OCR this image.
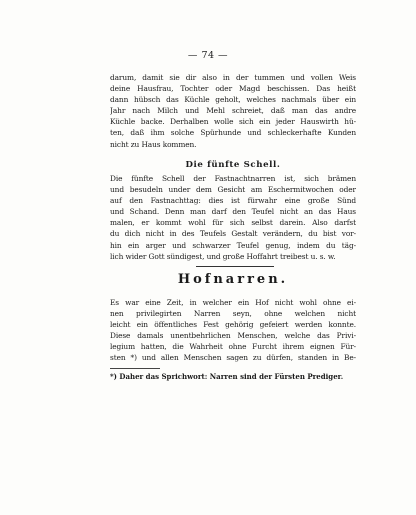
— 74 —
darum, damit sie dir also in der tummen und vollen Weis
deine Hausfrau, Tochter oder Magd beschissen. Das heißt
dann hübsch das Küchle geholt, welches nachmals über ein
Jahr nach Milch und Mehl schreiet, daß man das andre
Küchle backe. Derhalben wolle sich ein jeder Hauswirth hü-
ten, daß ihm solche Spürhunde und schleckerhafte Kunden
nicht zu Haus kommen.
Die fünfte Schell.
Die fünfte Schell der Fastnachtnarren ist, sich brämen
und besudeln under dem Gesicht am Eschermitwochen oder
auf den Fastnachttag: dies ist fürwahr eine große Sünd
und Schand. Denn man darf den Teufel nicht an das Haus
malen, er kommt wohl für sich selbst darein. Also darfst
du dich nicht in des Teufels Gestalt verändern, du bist vor-
hin ein arger und schwarzer Teufel genug, indem du täg-
lich wider Gott sündigest, und große Hoffahrt treibest u. s. w.
Hofnarren.
Es war eine Zeit, in welcher ein Hof nicht wohl ohne ei-
nen privilegirten Narren seyn, ohne welchen nicht
leicht ein öffentliches Fest gehörig gefeiert werden konnte.
Diese damals unentbehrlichen Menschen, welche das Privi-
legium hatten, die Wahrheit ohne Furcht ihrem eignen Für-
sten *) und allen Menschen sagen zu dürfen, standen in Be-
*) Daher das Sprichwort: Narren sind der Fürsten Prediger.
